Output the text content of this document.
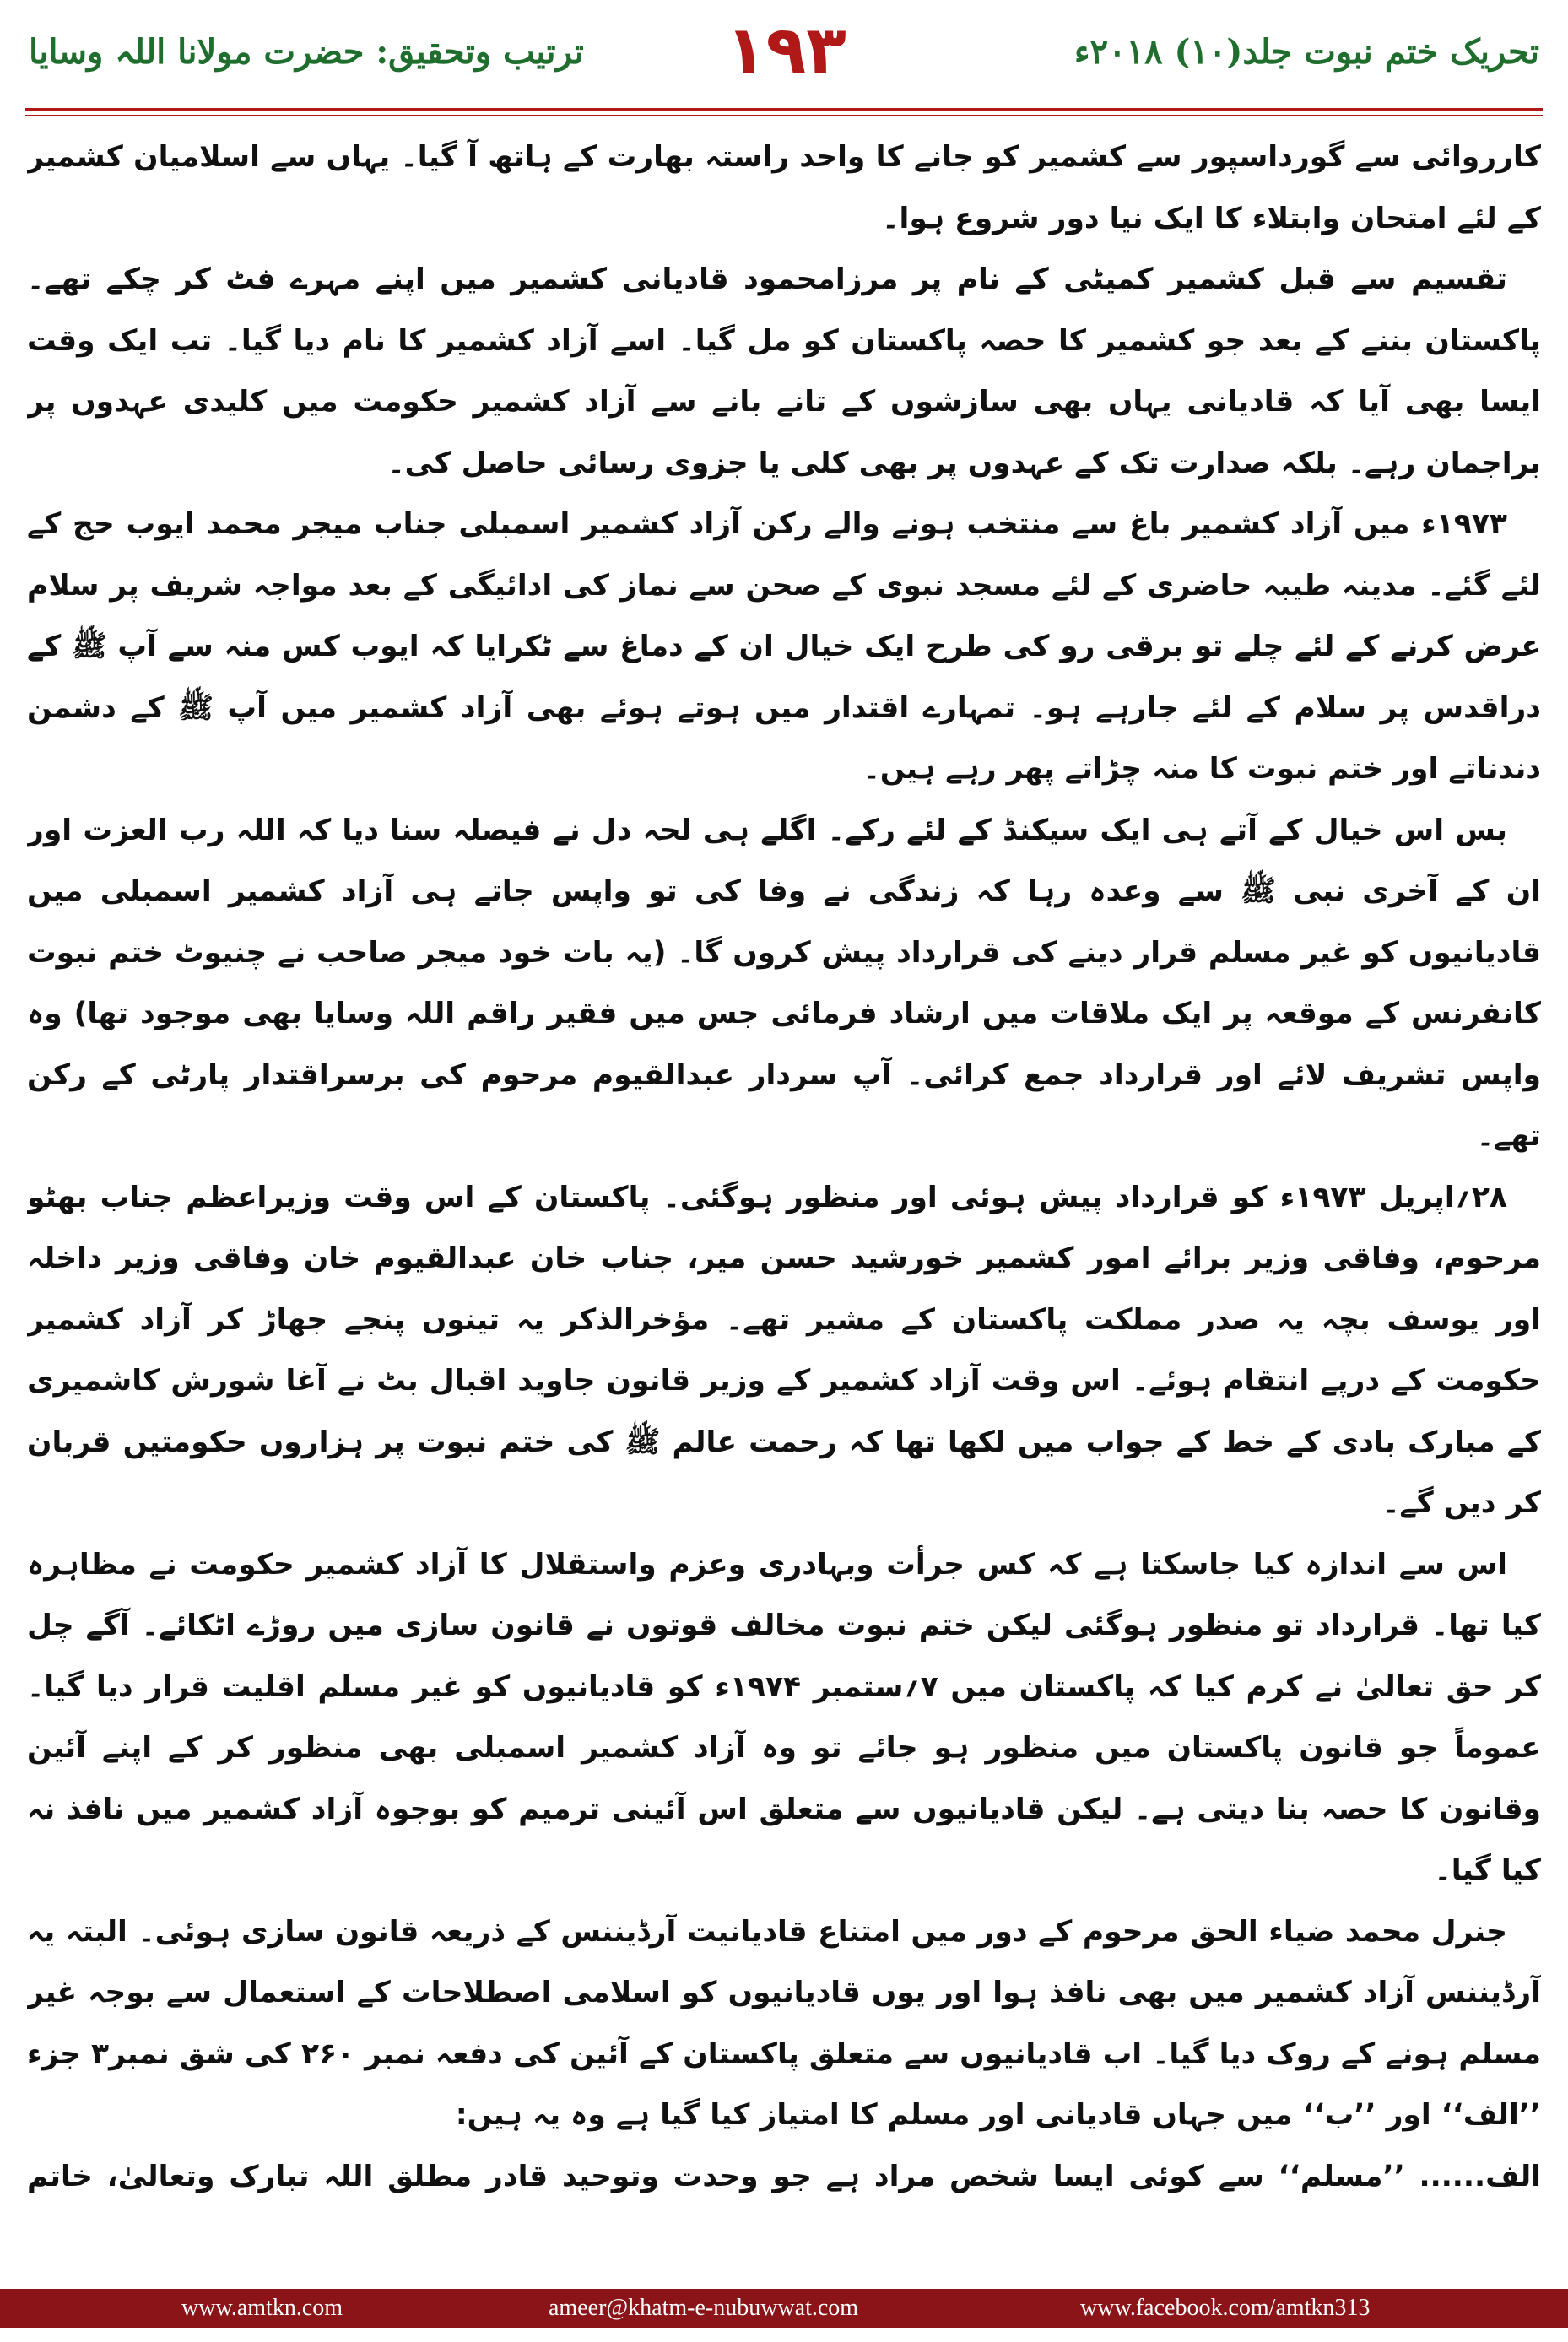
ترتیب وتحقیق: حضرت مولانا اللہ وسایا ۱۹۳	تحریک ختم نبوت جلد(۱۰) ۲۰۱۸ء

کارروائی سے گورداسپور سے کشمیر کو جانے کا واحد راستہ بھارت کے ہاتھ آ گیا۔ یہاں سے اسلامیان کشمیر کے لئے امتحان وابتلاء کا ایک نیا دور شروع ہوا۔

تقسیم سے قبل کشمیر کمیٹی کے نام پر مرزامحمود قادیانی کشمیر میں اپنے مہرے فٹ کر چکے تھے۔ پاکستان بننے کے بعد جو کشمیر کا حصہ پاکستان کو مل گیا۔ اسے آزاد کشمیر کا نام دیا گیا۔ تب ایک وقت ایسا بھی آیا کہ قادیانی یہاں بھی سازشوں کے تانے بانے سے آزاد کشمیر حکومت میں کلیدی عہدوں پر براجمان رہے۔ بلکہ صدارت تک کے عہدوں پر بھی کلی یا جزوی رسائی حاصل کی۔

۱۹۷۳ء میں آزاد کشمیر باغ سے منتخب ہونے والے رکن آزاد کشمیر اسمبلی جناب میجر محمد ایوب حج کے لئے گئے۔ مدینہ طیبہ حاضری کے لئے مسجد نبوی کے صحن سے نماز کی ادائیگی کے بعد مواجہ شریف پر سلام عرض کرنے کے لئے چلے تو برقی رو کی طرح ایک خیال ان کے دماغ سے ٹکرایا کہ ایوب کس منہ سے آپ ﷺ کے دراقدس پر سلام کے لئے جارہے ہو۔ تمہارے اقتدار میں ہوتے ہوئے بھی آزاد کشمیر میں آپ ﷺ کے دشمن دندناتے اور ختم نبوت کا منہ چڑاتے پھر رہے ہیں۔

بس اس خیال کے آتے ہی ایک سیکنڈ کے لئے رکے۔ اگلے ہی لحہ دل نے فیصلہ سنا دیا کہ اللہ رب العزت اور ان کے آخری نبی ﷺ سے وعدہ رہا کہ زندگی نے وفا کی تو واپس جاتے ہی آزاد کشمیر اسمبلی میں قادیانیوں کو غیر مسلم قرار دینے کی قرارداد پیش کروں گا۔ (یہ بات خود میجر صاحب نے چنیوٹ ختم نبوت کانفرنس کے موقعہ پر ایک ملاقات میں ارشاد فرمائی جس میں فقیر راقم اللہ وسایا بھی موجود تھا) وہ واپس تشریف لائے اور قرارداد جمع کرائی۔ آپ سردار عبدالقیوم مرحوم کی برسراقتدار پارٹی کے رکن تھے۔

۲۸؍اپریل ۱۹۷۳ء کو قرارداد پیش ہوئی اور منظور ہوگئی۔ پاکستان کے اس وقت وزیراعظم جناب بھٹو مرحوم، وفاقی وزیر برائے امور کشمیر خورشید حسن میر، جناب خان عبدالقیوم خان وفاقی وزیر داخلہ اور یوسف بچہ یہ صدر مملکت پاکستان کے مشیر تھے۔ مؤخرالذکر یہ تینوں پنجے جھاڑ کر آزاد کشمیر حکومت کے درپے انتقام ہوئے۔ اس وقت آزاد کشمیر کے وزیر قانون جاوید اقبال بٹ نے آغا شورش کاشمیری کے مبارک بادی کے خط کے جواب میں لکھا تھا کہ رحمت عالم ﷺ کی ختم نبوت پر ہزاروں حکومتیں قربان کر دیں گے۔

اس سے اندازہ کیا جاسکتا ہے کہ کس جرأت وبہادری وعزم واستقلال کا آزاد کشمیر حکومت نے مظاہرہ کیا تھا۔ قرارداد تو منظور ہوگئی لیکن ختم نبوت مخالف قوتوں نے قانون سازی میں روڑے اٹکائے۔ آگے چل کر حق تعالیٰ نے کرم کیا کہ پاکستان میں ۷؍ستمبر ۱۹۷۴ء کو قادیانیوں کو غیر مسلم اقلیت قرار دیا گیا۔ عموماً جو قانون پاکستان میں منظور ہو جائے تو وہ آزاد کشمیر اسمبلی بھی منظور کر کے اپنے آئین وقانون کا حصہ بنا دیتی ہے۔ لیکن قادیانیوں سے متعلق اس آئینی ترمیم کو بوجوہ آزاد کشمیر میں نافذ نہ کیا گیا۔

جنرل محمد ضیاء الحق مرحوم کے دور میں امتناع قادیانیت آرڈیننس کے ذریعہ قانون سازی ہوئی۔ البتہ یہ آرڈیننس آزاد کشمیر میں بھی نافذ ہوا اور یوں قادیانیوں کو اسلامی اصطلاحات کے استعمال سے بوجہ غیر مسلم ہونے کے روک دیا گیا۔ اب قادیانیوں سے متعلق پاکستان کے آئین کی دفعہ نمبر ۲۶۰ کی شق نمبر۳ جزء ’’الف‘‘ اور ’’ب‘‘ میں جہاں قادیانی اور مسلم کا امتیاز کیا گیا ہے وہ یہ ہیں:

الف...... ’’مسلم‘‘ سے کوئی ایسا شخص مراد ہے جو وحدت وتوحید قادر مطلق اللہ تبارک وتعالیٰ، خاتم

www.amtkn.com	ameer@khatm-e-nubuwwat.com	www.facebook.com/amtkn313
